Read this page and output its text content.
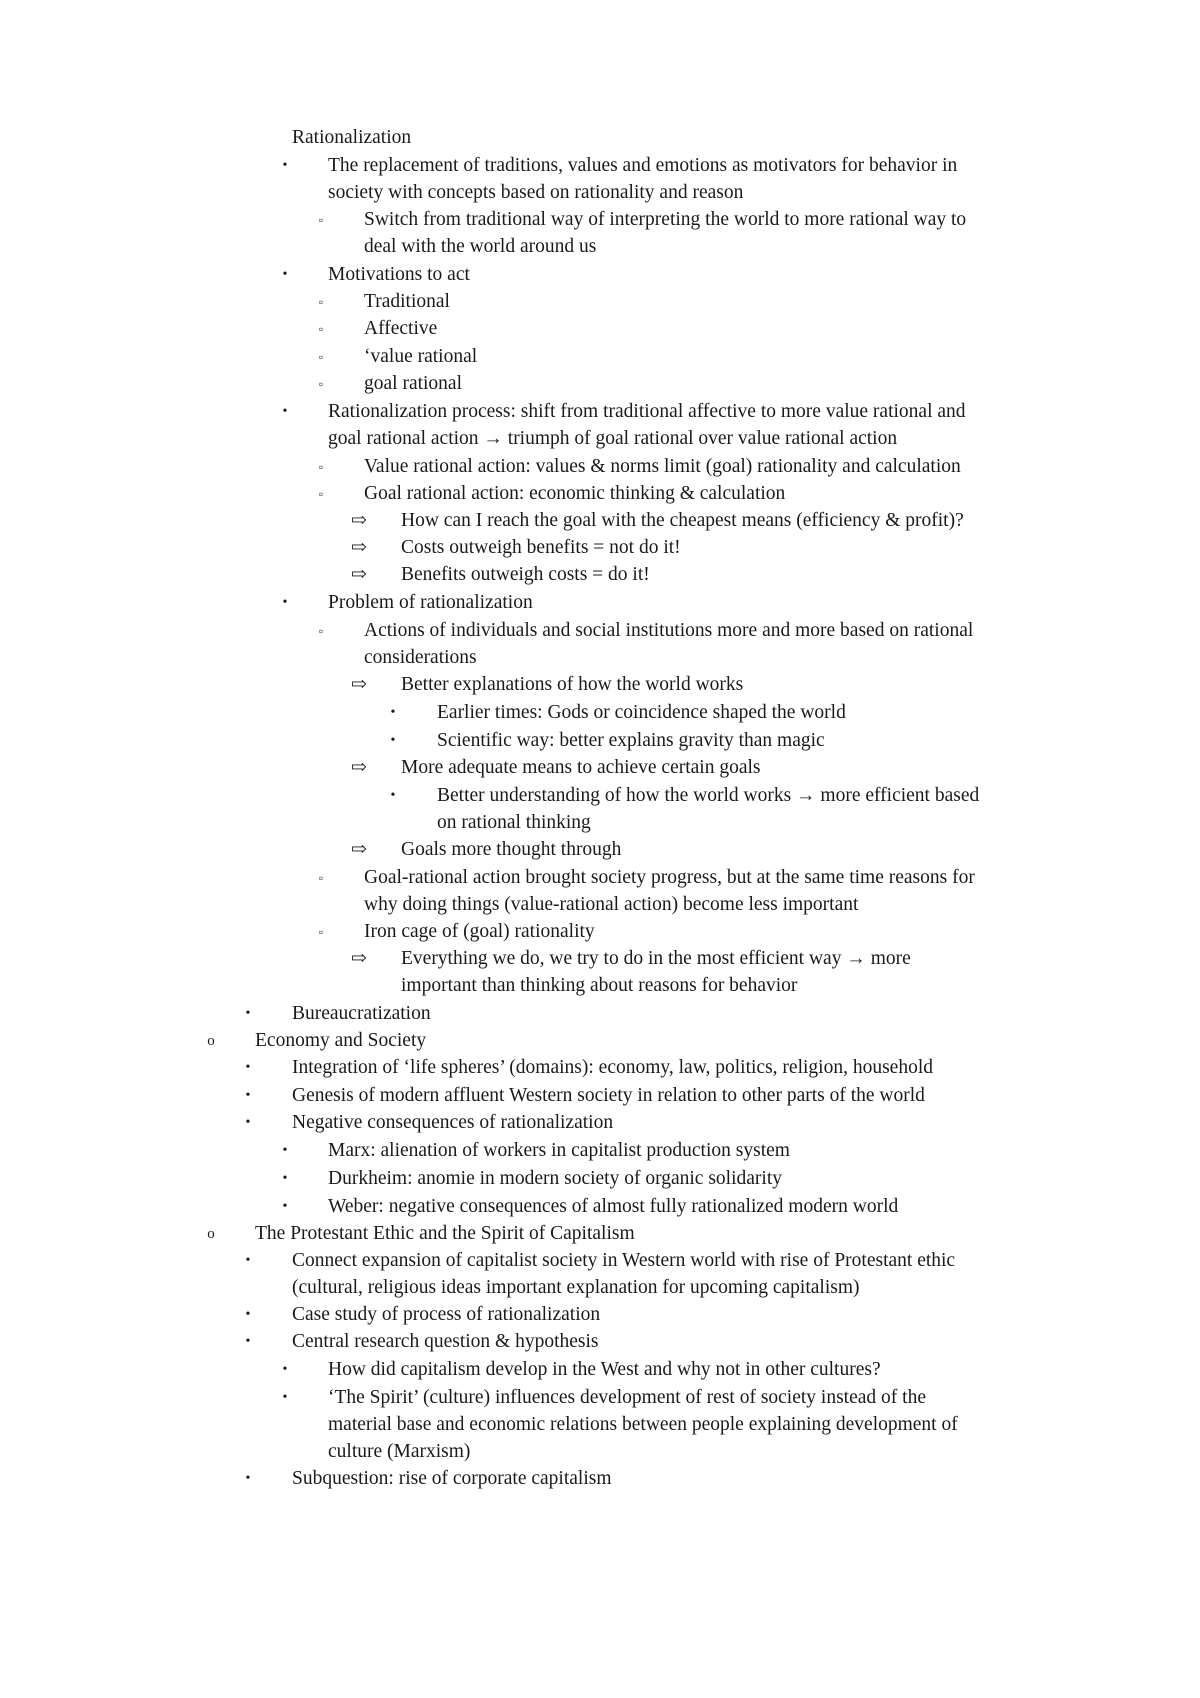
Rationalization
•	The replacement of traditions, values and emotions as motivators for behavior in
society with concepts based on rationality and reason
▫	Switch from traditional way of interpreting the world to more rational way to
deal with the world around us
•	Motivations to act
▫	Traditional
▫	Affective
▫	‘value rational
▫	goal rational
•	Rationalization process: shift from traditional affective to more value rational and
goal rational action → triumph of goal rational over value rational action
▫	Value rational action: values & norms limit (goal) rationality and calculation
▫	Goal rational action: economic thinking & calculation
⇨ How can I reach the goal with the cheapest means (efficiency & profit)?
⇨ Costs outweigh benefits = not do it!
⇨ Benefits outweigh costs = do it!
•	Problem of rationalization
▫	Actions of individuals and social institutions more and more based on rational
considerations
⇨ Better explanations of how the world works
•	Earlier times: Gods or coincidence shaped the world
•	Scientific way: better explains gravity than magic
⇨ More adequate means to achieve certain goals
•	Better understanding of how the world works → more efficient based
on rational thinking
⇨ Goals more thought through
▫	Goal-rational action brought society progress, but at the same time reasons for
why doing things (value-rational action) become less important
▫	Iron cage of (goal) rationality
⇨ Everything we do, we try to do in the most efficient way → more
important than thinking about reasons for behavior
•	Bureaucratization
o	Economy and Society
•	Integration of ‘life spheres’ (domains): economy, law, politics, religion, household
•	Genesis of modern affluent Western society in relation to other parts of the world
•	Negative consequences of rationalization
•	Marx: alienation of workers in capitalist production system
•	Durkheim: anomie in modern society of organic solidarity
•	Weber: negative consequences of almost fully rationalized modern world
o	The Protestant Ethic and the Spirit of Capitalism
•	Connect expansion of capitalist society in Western world with rise of Protestant ethic
(cultural, religious ideas important explanation for upcoming capitalism)
•	Case study of process of rationalization
•	Central research question & hypothesis
•	How did capitalism develop in the West and why not in other cultures?
•	‘The Spirit’ (culture) influences development of rest of society instead of the
material base and economic relations between people explaining development of
culture (Marxism)
•	Subquestion: rise of corporate capitalism
